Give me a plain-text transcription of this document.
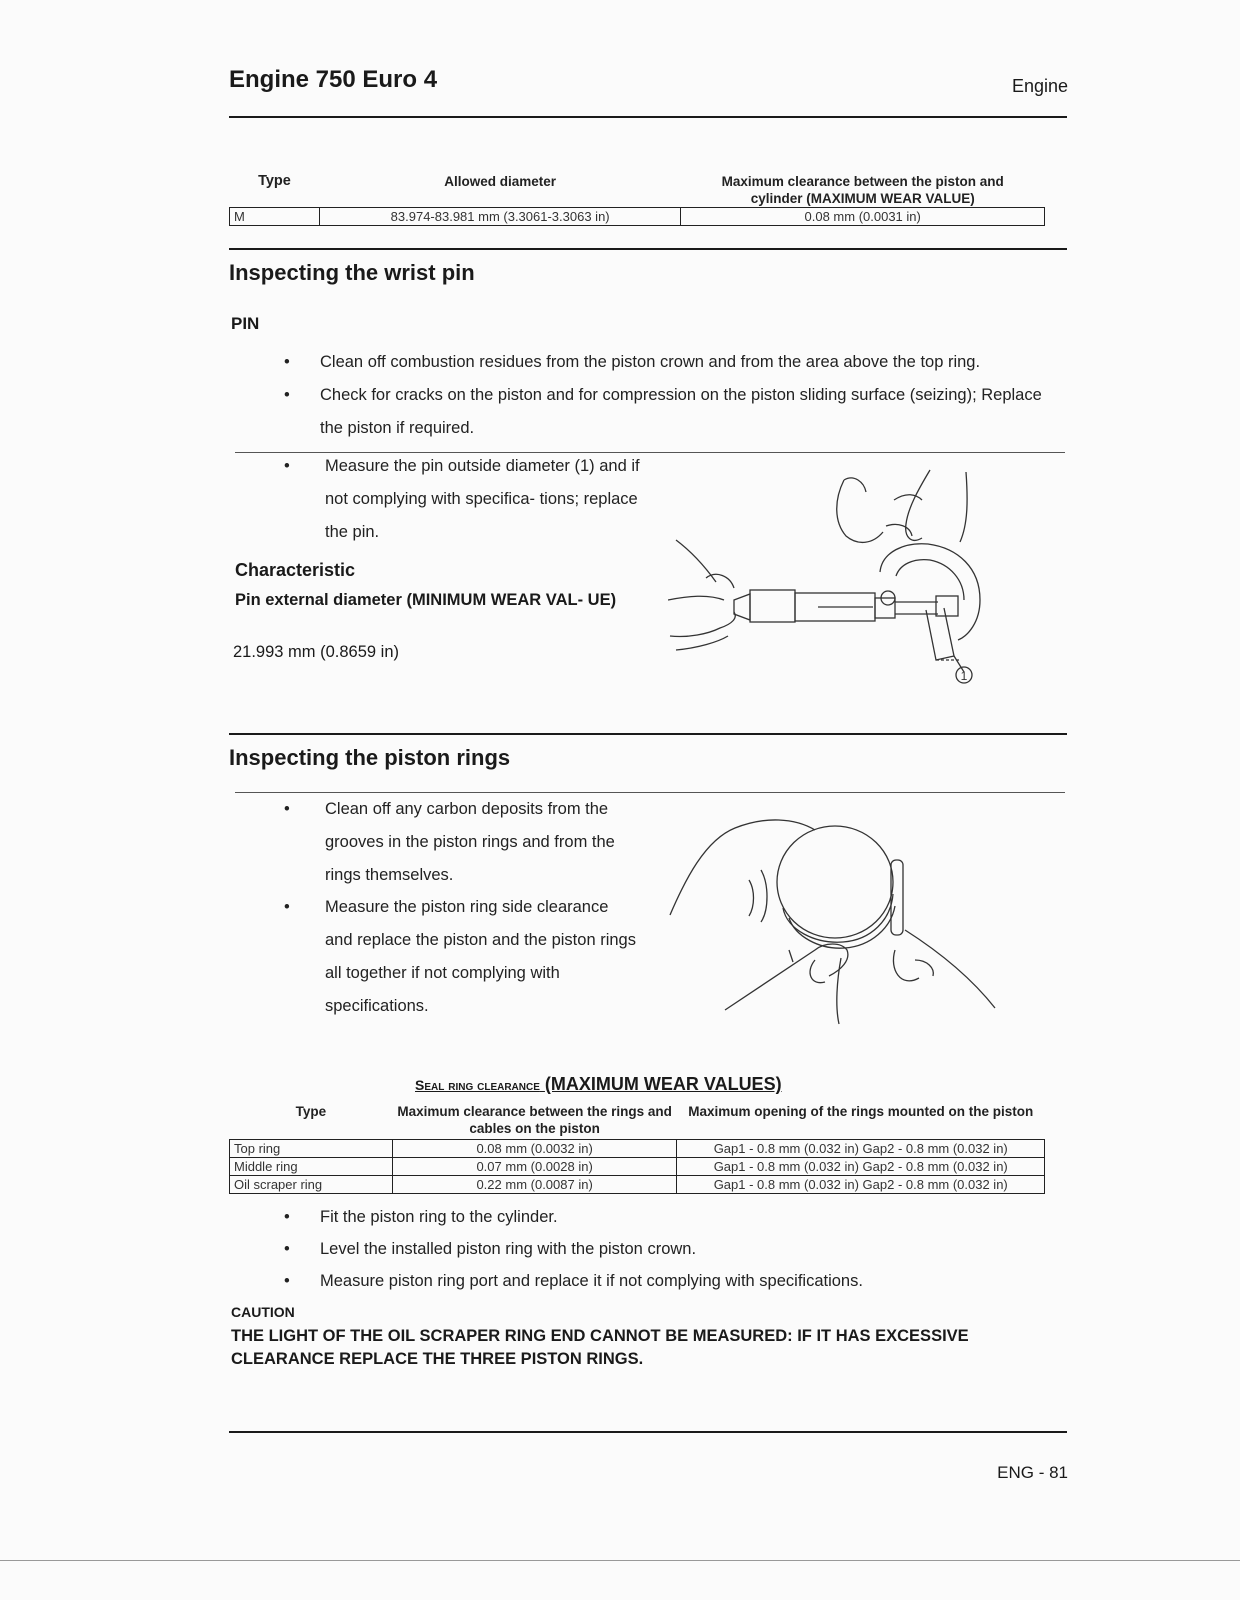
Engine 750 Euro 4	Engine
Type	Allowed diameter	Maximum clearance between the piston and cylinder (MAXIMUM WEAR VALUE)
M	83.974-83.981 mm (3.3061-3.3063 in)	0.08 mm (0.0031 in)
Inspecting the wrist pin
PIN
• Clean off combustion residues from the piston crown and from the area above the top ring.
• Check for cracks on the piston and for compression on the piston sliding surface (seizing); Replace the piston if required.
• Measure the pin outside diameter (1) and if not complying with specifica- tions; replace the pin.
Characteristic
Pin external diameter (MINIMUM WEAR VAL- UE)
21.993 mm (0.8659 in)
1
Inspecting the piston rings
• Clean off any carbon deposits from the grooves in the piston rings and from the rings themselves.
• Measure the piston ring side clearance and replace the piston and the piston rings all together if not complying with specifications.
Seal ring clearance (MAXIMUM WEAR VALUES)
Type	Maximum clearance between the rings and cables on the piston	Maximum opening of the rings mounted on the piston
Top ring	0.08 mm (0.0032 in)	Gap1 - 0.8 mm (0.032 in) Gap2 - 0.8 mm (0.032 in)
Middle ring	0.07 mm (0.0028 in)	Gap1 - 0.8 mm (0.032 in) Gap2 - 0.8 mm (0.032 in)
Oil scraper ring	0.22 mm (0.0087 in)	Gap1 - 0.8 mm (0.032 in) Gap2 - 0.8 mm (0.032 in)
• Fit the piston ring to the cylinder.
• Level the installed piston ring with the piston crown.
• Measure piston ring port and replace it if not complying with specifications.
CAUTION
THE LIGHT OF THE OIL SCRAPER RING END CANNOT BE MEASURED: IF IT HAS EXCESSIVE CLEARANCE REPLACE THE THREE PISTON RINGS.
ENG - 81
